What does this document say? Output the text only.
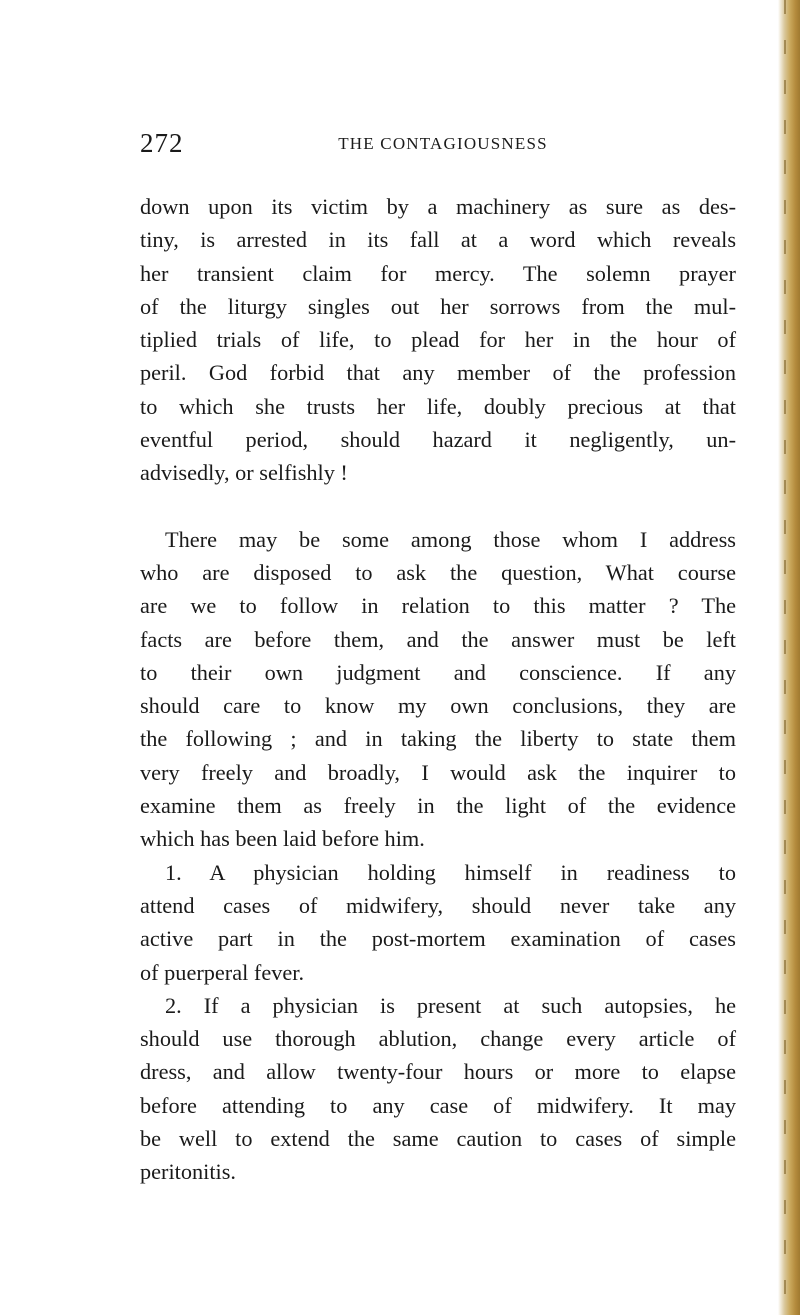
272	THE CONTAGIOUSNESS
down upon its victim by a machinery as sure as des-
tiny, is arrested in its fall at a word which reveals
her transient claim for mercy. The solemn prayer
of the liturgy singles out her sorrows from the mul-
tiplied trials of life, to plead for her in the hour of
peril. God forbid that any member of the profession
to which she trusts her life, doubly precious at that
eventful period, should hazard it negligently, un-
advisedly, or selfishly !
There may be some among those whom I address
who are disposed to ask the question, What course
are we to follow in relation to this matter ? The
facts are before them, and the answer must be left
to their own judgment and conscience. If any
should care to know my own conclusions, they are
the following ; and in taking the liberty to state them
very freely and broadly, I would ask the inquirer to
examine them as freely in the light of the evidence
which has been laid before him.
1. A physician holding himself in readiness to
attend cases of midwifery, should never take any
active part in the post-mortem examination of cases
of puerperal fever.
2. If a physician is present at such autopsies, he
should use thorough ablution, change every article of
dress, and allow twenty-four hours or more to elapse
before attending to any case of midwifery. It may
be well to extend the same caution to cases of simple
peritonitis.
